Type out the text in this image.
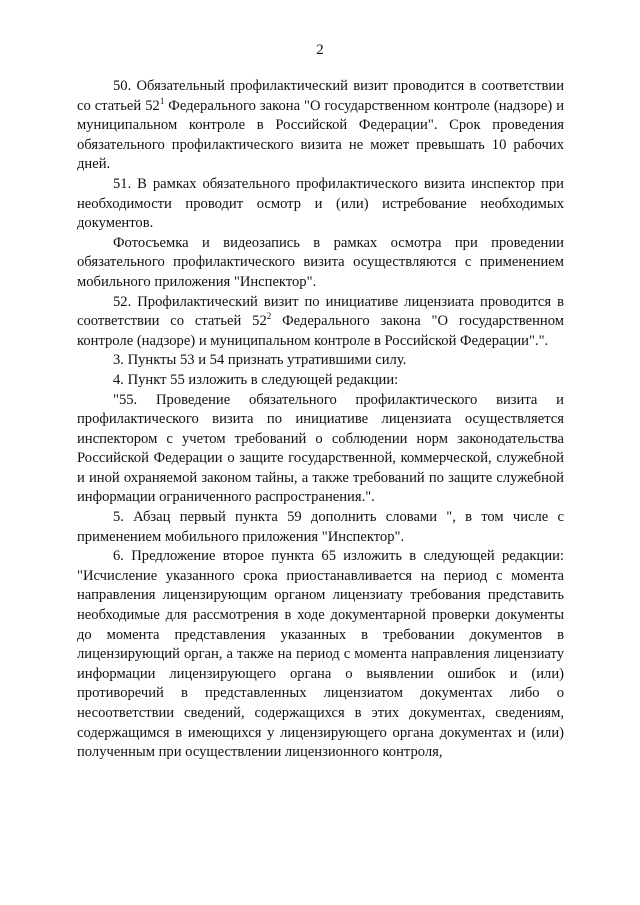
2

50. Обязательный профилактический визит проводится в соответствии со статьей $52^1$ Федерального закона "О государственном контроле (надзоре) и муниципальном контроле в Российской Федерации". Срок проведения обязательного профилактического визита не может превышать 10 рабочих дней.

51. В рамках обязательного профилактического визита инспектор при необходимости проводит осмотр и (или) истребование необходимых документов.

Фотосъемка и видеозапись в рамках осмотра при проведении обязательного профилактического визита осуществляются с применением мобильного приложения "Инспектор".

52. Профилактический визит по инициативе лицензиата проводится в соответствии со статьей $52^2$ Федерального закона "О государственном контроле (надзоре) и муниципальном контроле в Российской Федерации".".

3. Пункты 53 и 54 признать утратившими силу.

4. Пункт 55 изложить в следующей редакции:

"55. Проведение обязательного профилактического визита и профилактического визита по инициативе лицензиата осуществляется инспектором с учетом требований о соблюдении норм законодательства Российской Федерации о защите государственной, коммерческой, служебной и иной охраняемой законом тайны, а также требований по защите служебной информации ограниченного распространения.".

5. Абзац первый пункта 59 дополнить словами ", в том числе с применением мобильного приложения "Инспектор".

6. Предложение второе пункта 65 изложить в следующей редакции: "Исчисление указанного срока приостанавливается на период с момента направления лицензирующим органом лицензиату требования представить необходимые для рассмотрения в ходе документарной проверки документы до момента представления указанных в требовании документов в лицензирующий орган, а также на период с момента направления лицензиату информации лицензирующего органа о выявлении ошибок и (или) противоречий в представленных лицензиатом документах либо о несоответствии сведений, содержащихся в этих документах, сведениям, содержащимся в имеющихся у лицензирующего органа документах и (или) полученным при осуществлении лицензионного контроля,
